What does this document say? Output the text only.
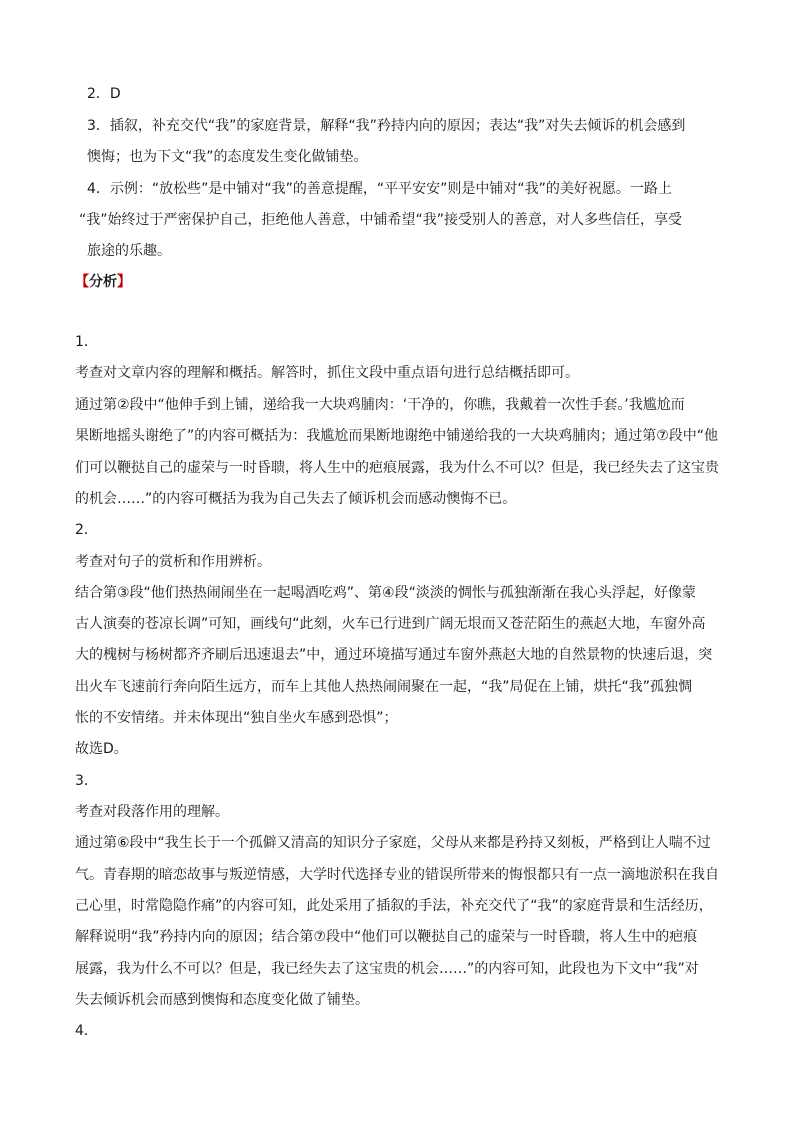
2．D
3．插叙，补充交代“我”的家庭背景，解释“我”矜持内向的原因；表达“我”对失去倾诉的机会感到
懊悔；也为下文“我”的态度发生变化做铺垫。
4．示例：“放松些”是中铺对“我”的善意提醒，“平平安安”则是中铺对“我”的美好祝愿。一路上
“我”始终过于严密保护自己，拒绝他人善意，中铺希望“我”接受别人的善意，对人多些信任，享受
旅途的乐趣。
【分析】
1．
考查对文章内容的理解和概括。解答时，抓住文段中重点语句进行总结概括即可。
通过第②段中“他伸手到上铺，递给我一大块鸡脯肉：‘干净的，你瞧，我戴着一次性手套。’我尴尬而
果断地摇头谢绝了”的内容可概括为：我尴尬而果断地谢绝中铺递给我的一大块鸡脯肉；通过第⑦段中“他
们可以鞭挞自己的虚荣与一时昏聩，将人生中的疤痕展露，我为什么不可以？但是，我已经失去了这宝贵
的机会……”的内容可概括为我为自己失去了倾诉机会而感动懊悔不已。
2．
考查对句子的赏析和作用辨析。
结合第③段“他们热热闹闹坐在一起喝酒吃鸡”、第④段“淡淡的惆怅与孤独渐渐在我心头浮起，好像蒙
古人演奏的苍凉长调”可知，画线句“此刻，火车已行进到广阔无垠而又苍茫陌生的燕赵大地，车窗外高
大的槐树与杨树都齐齐刷后迅速退去”中，通过环境描写通过车窗外燕赵大地的自然景物的快速后退，突
出火车飞速前行奔向陌生远方，而车上其他人热热闹闹聚在一起，“我”局促在上铺，烘托“我”孤独惆
怅的不安情绪。并未体现出“独自坐火车感到恐惧”；
故选D。
3．
考查对段落作用的理解。
通过第⑥段中“我生长于一个孤僻又清高的知识分子家庭，父母从来都是矜持又刻板，严格到让人喘不过
气。青春期的暗恋故事与叛逆情感，大学时代选择专业的错误所带来的悔恨都只有一点一滴地淤积在我自
己心里，时常隐隐作痛”的内容可知，此处采用了插叙的手法，补充交代了“我”的家庭背景和生活经历，
解释说明“我”矜持内向的原因；结合第⑦段中“他们可以鞭挞自己的虚荣与一时昏聩，将人生中的疤痕
展露，我为什么不可以？但是，我已经失去了这宝贵的机会……”的内容可知，此段也为下文中“我”对
失去倾诉机会而感到懊悔和态度变化做了铺垫。
4．
